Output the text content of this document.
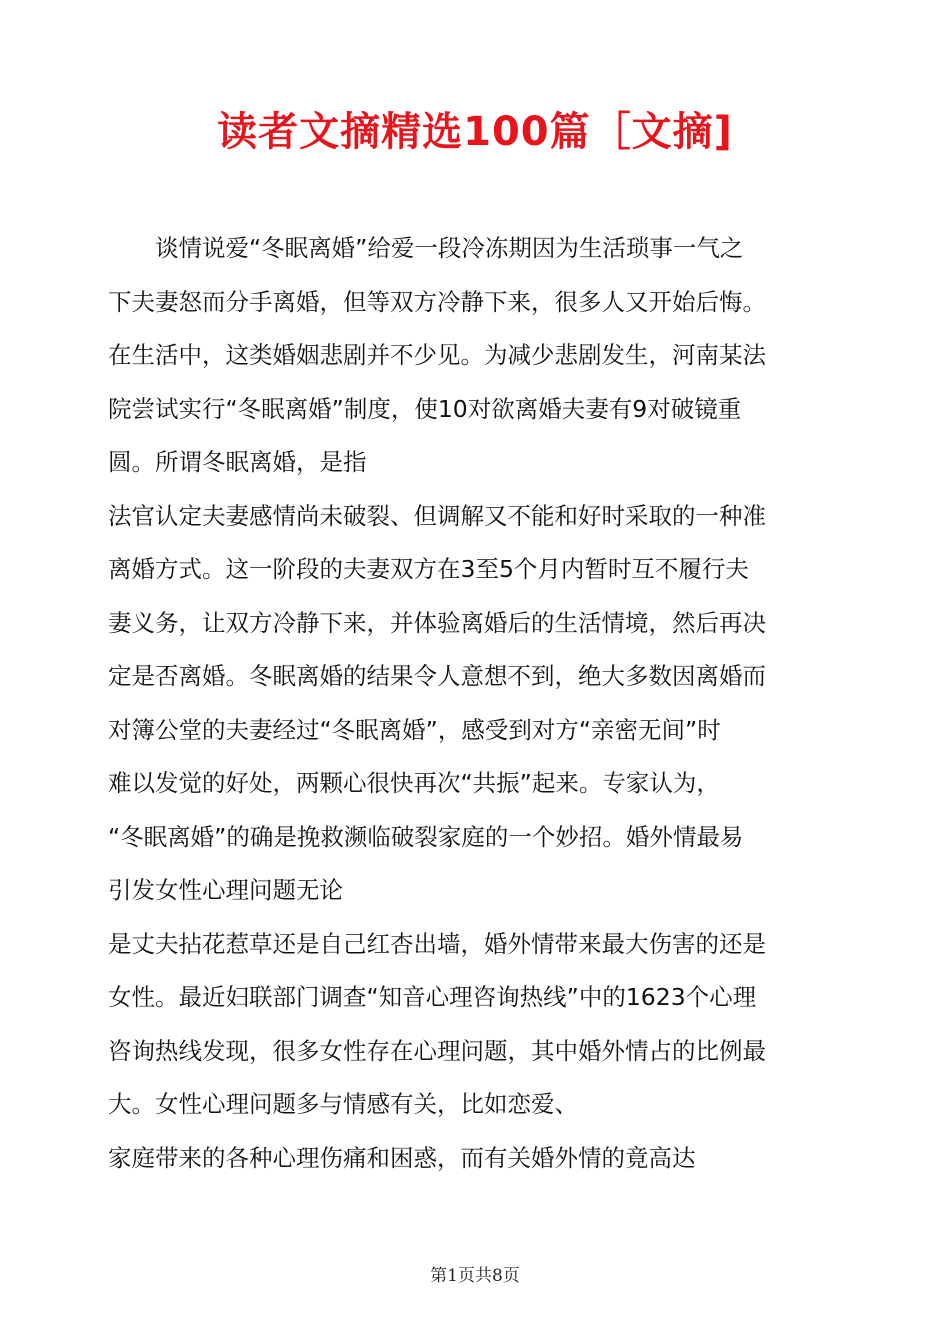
读者文摘精选100篇［文摘]
谈情说爱“冬眠离婚”给爱一段冷冻期因为生活琐事一气之
下夫妻怒而分手离婚，但等双方冷静下来，很多人又开始后悔。
在生活中，这类婚姻悲剧并不少见。为减少悲剧发生，河南某法
院尝试实行“冬眠离婚”制度，使10对欲离婚夫妻有9对破镜重
圆。所谓冬眠离婚，是指
法官认定夫妻感情尚未破裂、但调解又不能和好时采取的一种准
离婚方式。这一阶段的夫妻双方在3至5个月内暂时互不履行夫
妻义务，让双方冷静下来，并体验离婚后的生活情境，然后再决
定是否离婚。冬眠离婚的结果令人意想不到，绝大多数因离婚而
对簿公堂的夫妻经过“冬眠离婚”，感受到对方“亲密无间”时
难以发觉的好处，两颗心很快再次“共振”起来。专家认为，
“冬眠离婚”的确是挽救濒临破裂家庭的一个妙招。婚外情最易
引发女性心理问题无论
是丈夫拈花惹草还是自己红杏出墙，婚外情带来最大伤害的还是
女性。最近妇联部门调查“知音心理咨询热线”中的1623个心理
咨询热线发现，很多女性存在心理问题，其中婚外情占的比例最
大。女性心理问题多与情感有关，比如恋爱、
家庭带来的各种心理伤痛和困惑，而有关婚外情的竟高达
第1页共8页
